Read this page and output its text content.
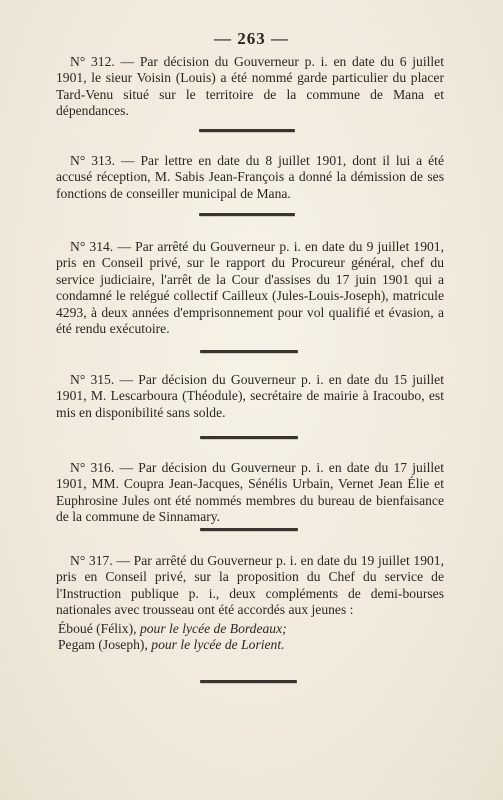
— 263 —

N° 312. — Par décision du Gouverneur p. i. en date du 6 juillet 1901, le sieur Voisin (Louis) a été nommé garde particulier du placer Tard-Venu situé sur le territoire de la commune de Mana et dépendances.

N° 313. — Par lettre en date du 8 juillet 1901, dont il lui a été accusé réception, M. Sabis Jean-François a donné la démission de ses fonctions de conseiller municipal de Mana.

N° 314. — Par arrêté du Gouverneur p. i. en date du 9 juillet 1901, pris en Conseil privé, sur le rapport du Procureur général, chef du service judiciaire, l'arrêt de la Cour d'assises du 17 juin 1901 qui a condamné le relégué collectif Cailleux (Jules-Louis-Joseph), matricule 4293, à deux années d'emprisonnement pour vol qualifié et évasion, a été rendu exécutoire.

N° 315. — Par décision du Gouverneur p. i. en date du 15 juillet 1901, M. Lescarboura (Théodule), secrétaire de mairie à Iracoubo, est mis en disponibilité sans solde.

N° 316. — Par décision du Gouverneur p. i. en date du 17 juillet 1901, MM. Coupra Jean-Jacques, Sénélis Urbain, Vernet Jean Élie et Euphrosine Jules ont été nommés membres du bureau de bienfaisance de la commune de Sinnamary.

N° 317. — Par arrêté du Gouverneur p. i. en date du 19 juillet 1901, pris en Conseil privé, sur la proposition du Chef du service de l'Instruction publique p. i., deux compléments de demi-bourses nationales avec trousseau ont été accordés aux jeunes :

Éboué (Félix), pour le lycée de Bordeaux;
Pegam (Joseph), pour le lycée de Lorient.
